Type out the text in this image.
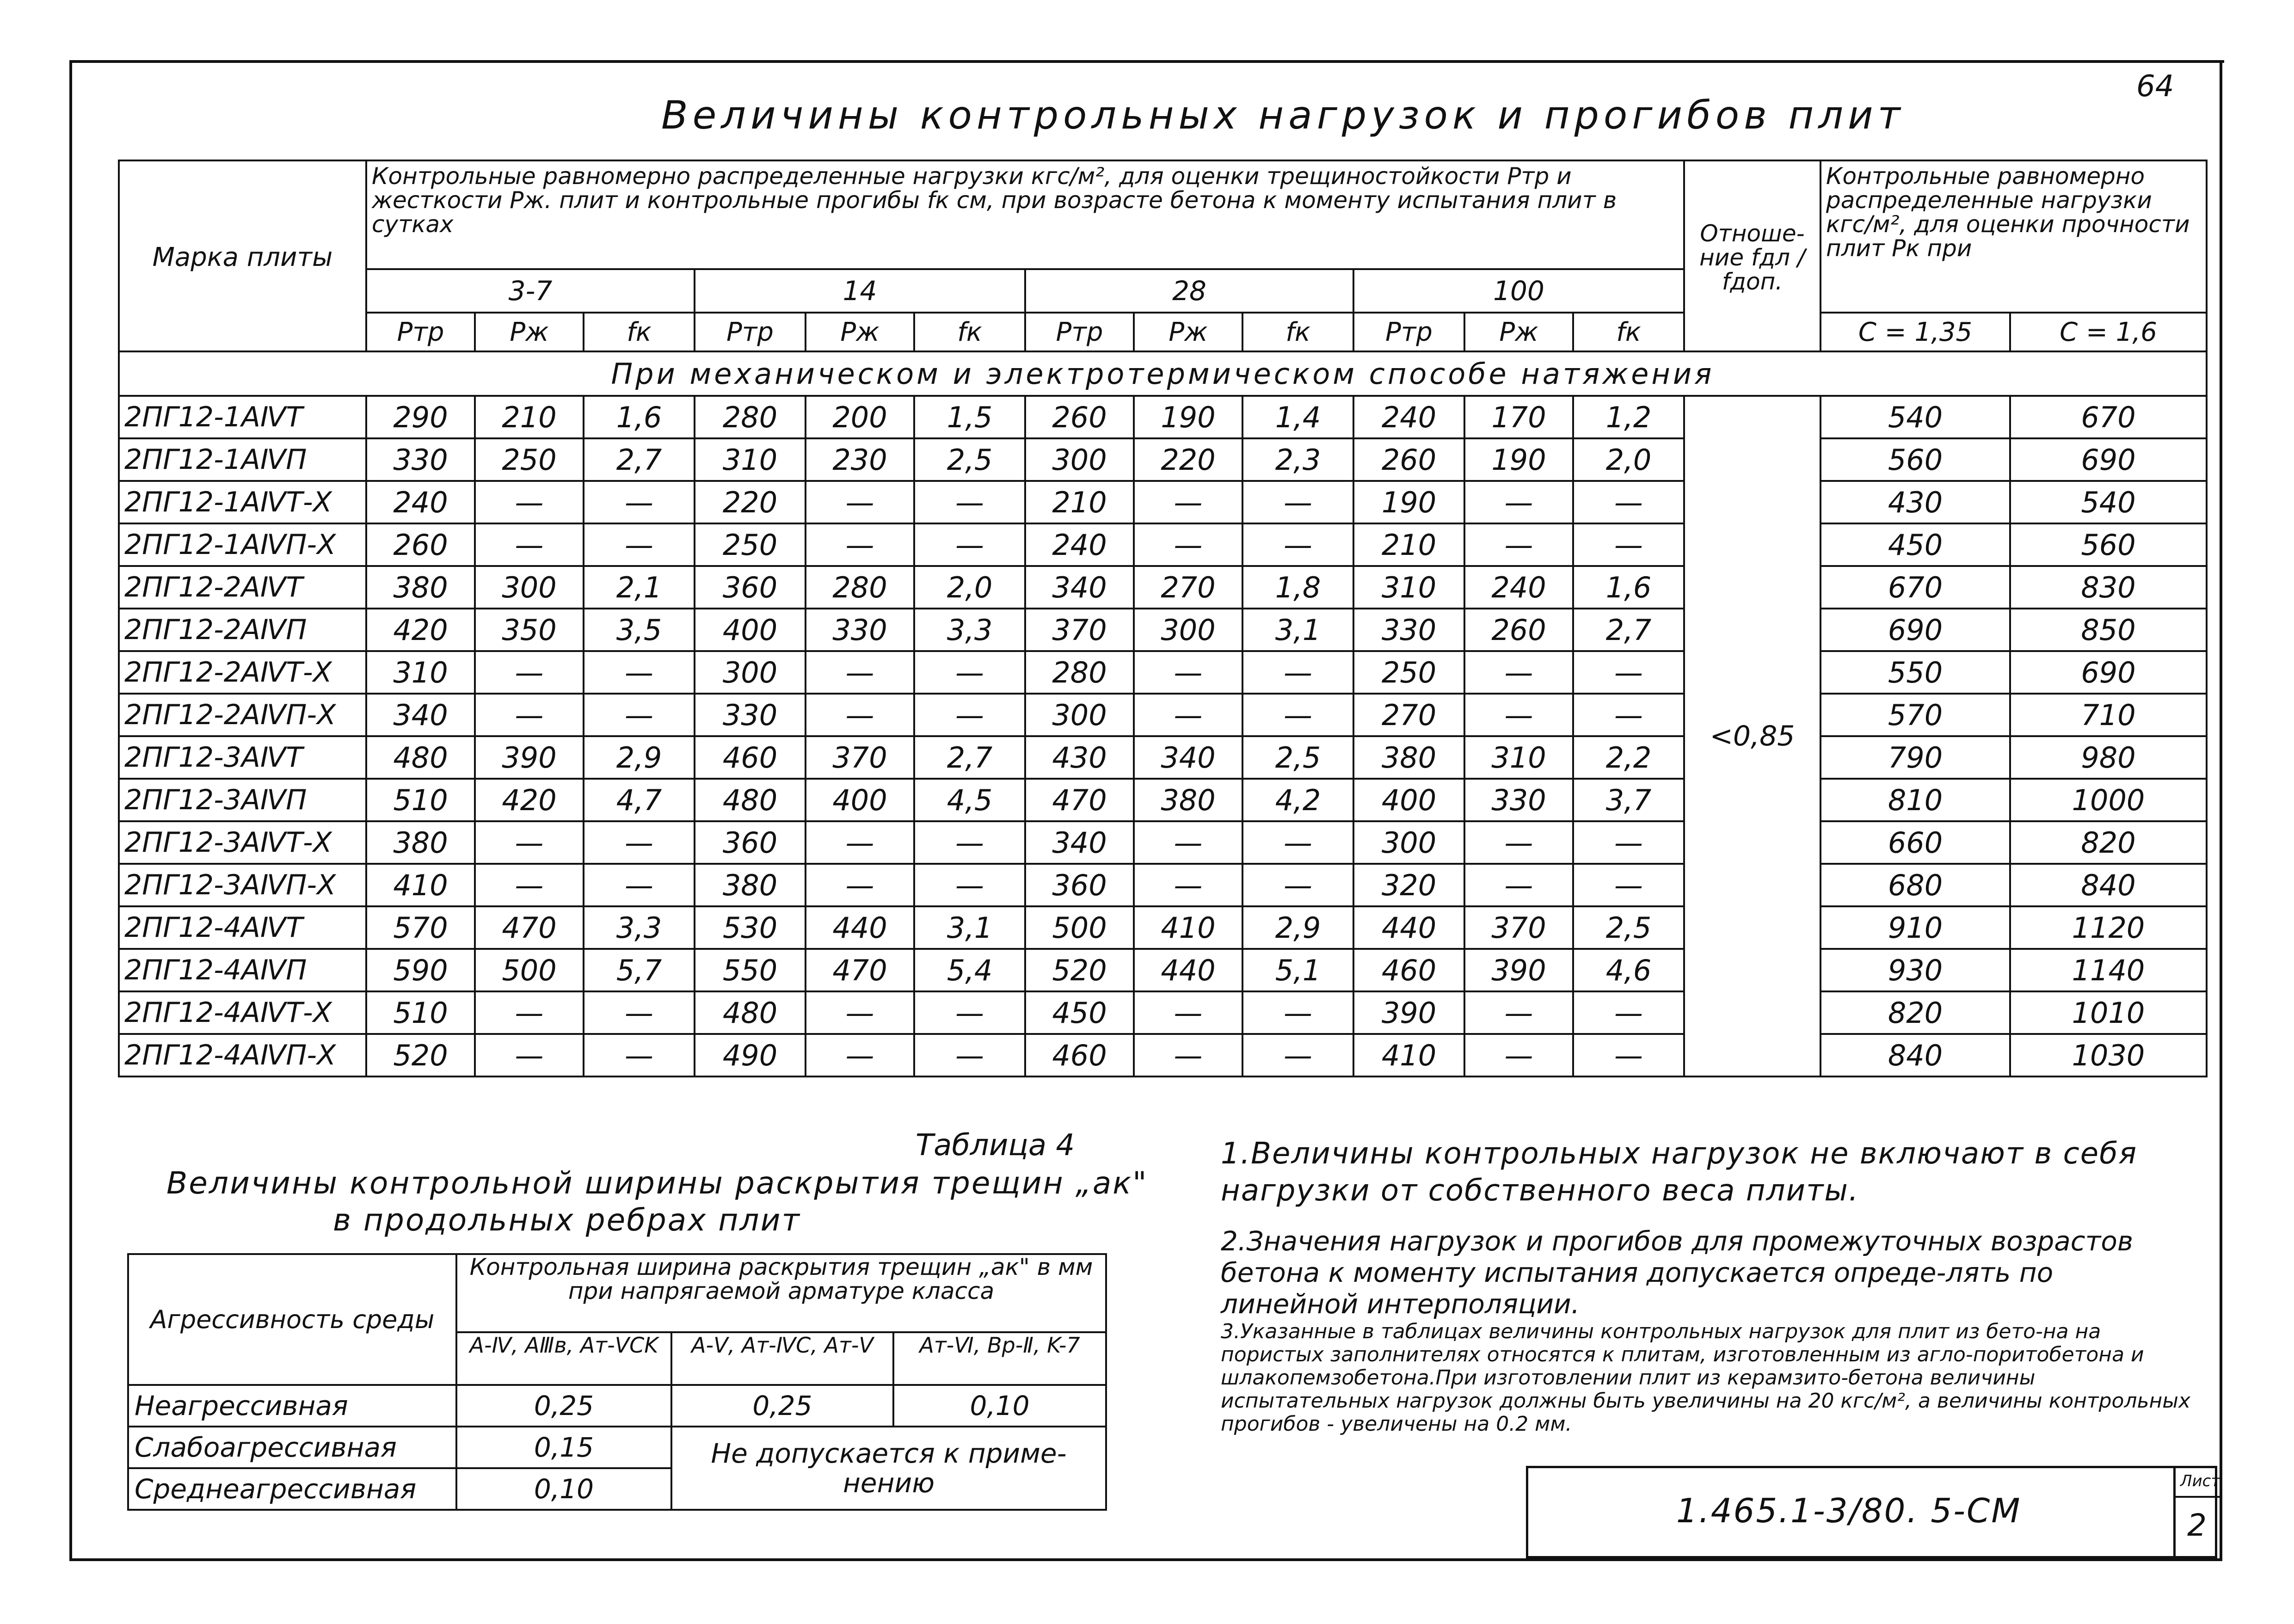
64
Величины контрольных нагрузок и прогибов плит
Марка плиты	Контрольные равномерно распределенные нагрузки кгс/м², для оценки трещиностойкости Pтр и жесткости Pж. плит и контрольные прогибы fк см, при возрасте бетона к моменту испытания плит в сутках												Отноше-ние fдл / fдоп.	Контрольные равномерно распределенные нагрузки кгс/м², для оценки прочности плит Pк при	
	3-7			14			28			100					
	Pтр	Pж	fк	Pтр	Pж	fк	Pтр	Pж	fк	Pтр	Pж	fк		C = 1,35	C = 1,6
При механическом и электротермическом способе натяжения															
2ПГ12-1АⅣТ	290	210	1,6	280	200	1,5	260	190	1,4	240	170	1,2	<0,85	540	670
2ПГ12-1АⅣП	330	250	2,7	310	230	2,5	300	220	2,3	260	190	2,0		560	690
2ПГ12-1АⅣТ-Х	240	—	—	220	—	—	210	—	—	190	—	—		430	540
2ПГ12-1АⅣП-Х	260	—	—	250	—	—	240	—	—	210	—	—		450	560
2ПГ12-2АⅣТ	380	300	2,1	360	280	2,0	340	270	1,8	310	240	1,6		670	830
2ПГ12-2АⅣП	420	350	3,5	400	330	3,3	370	300	3,1	330	260	2,7		690	850
2ПГ12-2АⅣТ-Х	310	—	—	300	—	—	280	—	—	250	—	—		550	690
2ПГ12-2АⅣП-Х	340	—	—	330	—	—	300	—	—	270	—	—		570	710
2ПГ12-3АⅣТ	480	390	2,9	460	370	2,7	430	340	2,5	380	310	2,2		790	980
2ПГ12-3АⅣП	510	420	4,7	480	400	4,5	470	380	4,2	400	330	3,7		810	1000
2ПГ12-3АⅣТ-Х	380	—	—	360	—	—	340	—	—	300	—	—		660	820
2ПГ12-3АⅣП-Х	410	—	—	380	—	—	360	—	—	320	—	—		680	840
2ПГ12-4АⅣТ	570	470	3,3	530	440	3,1	500	410	2,9	440	370	2,5		910	1120
2ПГ12-4АⅣП	590	500	5,7	550	470	5,4	520	440	5,1	460	390	4,6		930	1140
2ПГ12-4АⅣТ-Х	510	—	—	480	—	—	450	—	—	390	—	—		820	1010
2ПГ12-4АⅣП-Х	520	—	—	490	—	—	460	—	—	410	—	—		840	1030
Таблица 4
Величины контрольной ширины раскрытия трещин „aк"
в продольных ребрах плит
Агрессивность среды	Контрольная ширина раскрытия трещин „aк" в мм при напрягаемой арматуре класса		
	A-Ⅳ, AⅢв, Aт-ⅤCK	A-Ⅴ, Aт-ⅣC, Aт-Ⅴ	Aт-Ⅵ, Bр-Ⅱ, K-7
Неагрессивная	0,25	0,25	0,10
Слабоагрессивная	0,15	Не допускается к приме-нению	
Среднеагрессивная	0,10		
1.Величины контрольных нагрузок не включают в себя нагрузки от собственного веса плиты.
2.Значения нагрузок и прогибов для промежуточных возрастов бетона к моменту испытания допускается опреде-лять по линейной интерполяции.
3.Указанные в таблицах величины контрольных нагрузок для плит из бето-на на пористых заполнителях относятся к плитам, изготовленным из агло-поритобетона и шлакопемзобетона.При изготовлении плит из керамзито-бетона величины испытательных нагрузок должны быть увеличины на 20 кгс/м², а величины контрольных прогибов - увеличены на 0.2 мм.
1.465.1-3/80. 5-СМ
Лист
2
